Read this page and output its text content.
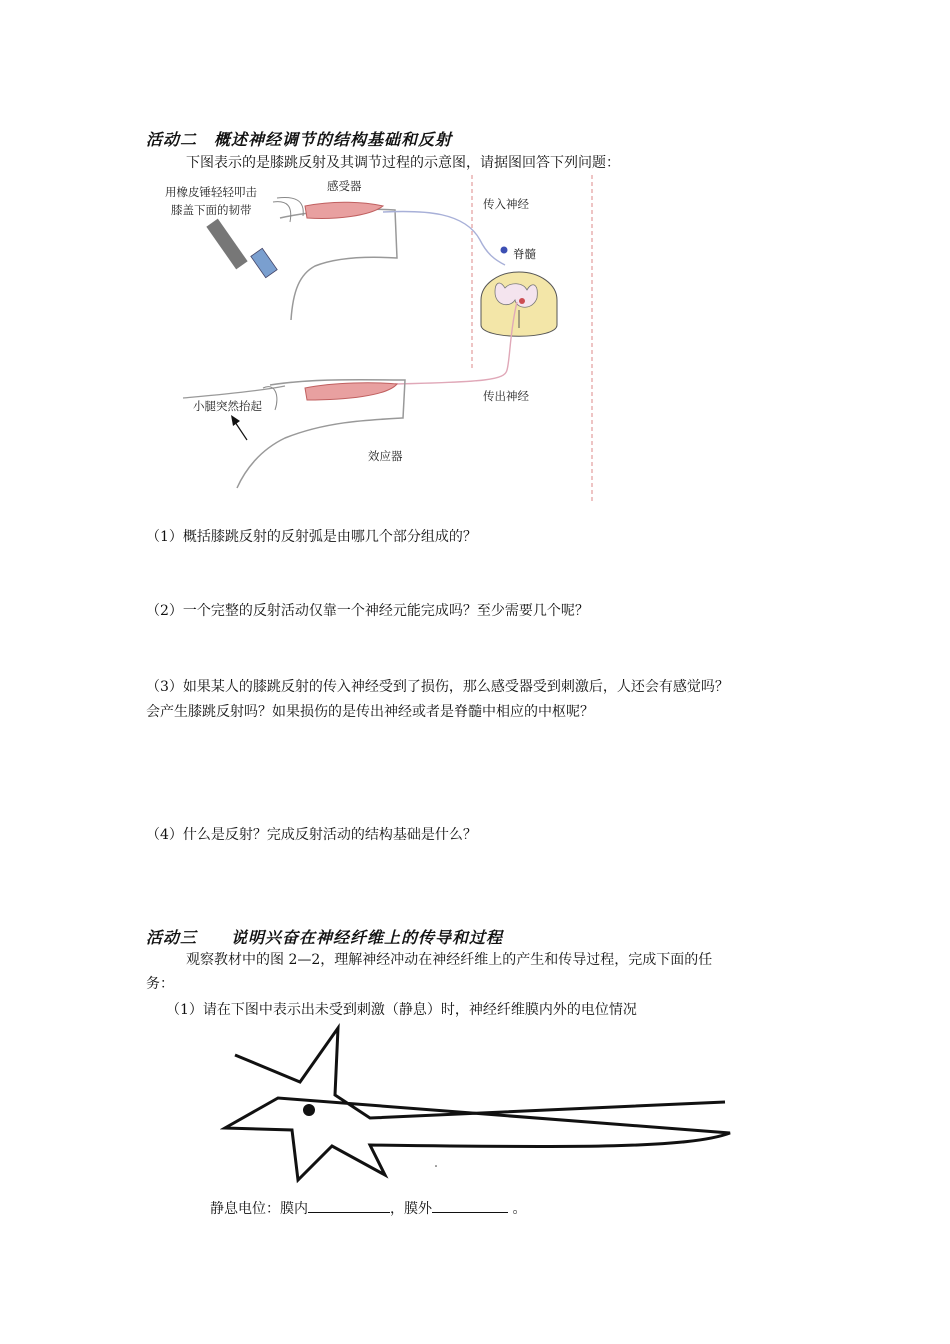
活动二　概述神经调节的结构基础和反射
下图表示的是膝跳反射及其调节过程的示意图，请据图回答下列问题：
用橡皮锤轻轻叩击
膝盖下面的韧带
感受器
传入神经
脊髓
传出神经
小腿突然抬起
效应器
（1）概括膝跳反射的反射弧是由哪几个部分组成的？
（2）一个完整的反射活动仅靠一个神经元能完成吗？至少需要几个呢？
（3）如果某人的膝跳反射的传入神经受到了损伤，那么感受器受到刺激后，人还会有感觉吗？
会产生膝跳反射吗？如果损伤的是传出神经或者是脊髓中相应的中枢呢？
（4）什么是反射？完成反射活动的结构基础是什么？
活动三　　说明兴奋在神经纤维上的传导和过程
观察教材中的图 2—2，理解神经冲动在神经纤维上的产生和传导过程，完成下面的任
务：
（1）请在下图中表示出未受到刺激（静息）时，神经纤维膜内外的电位情况
静息电位：膜内	，膜外	。
